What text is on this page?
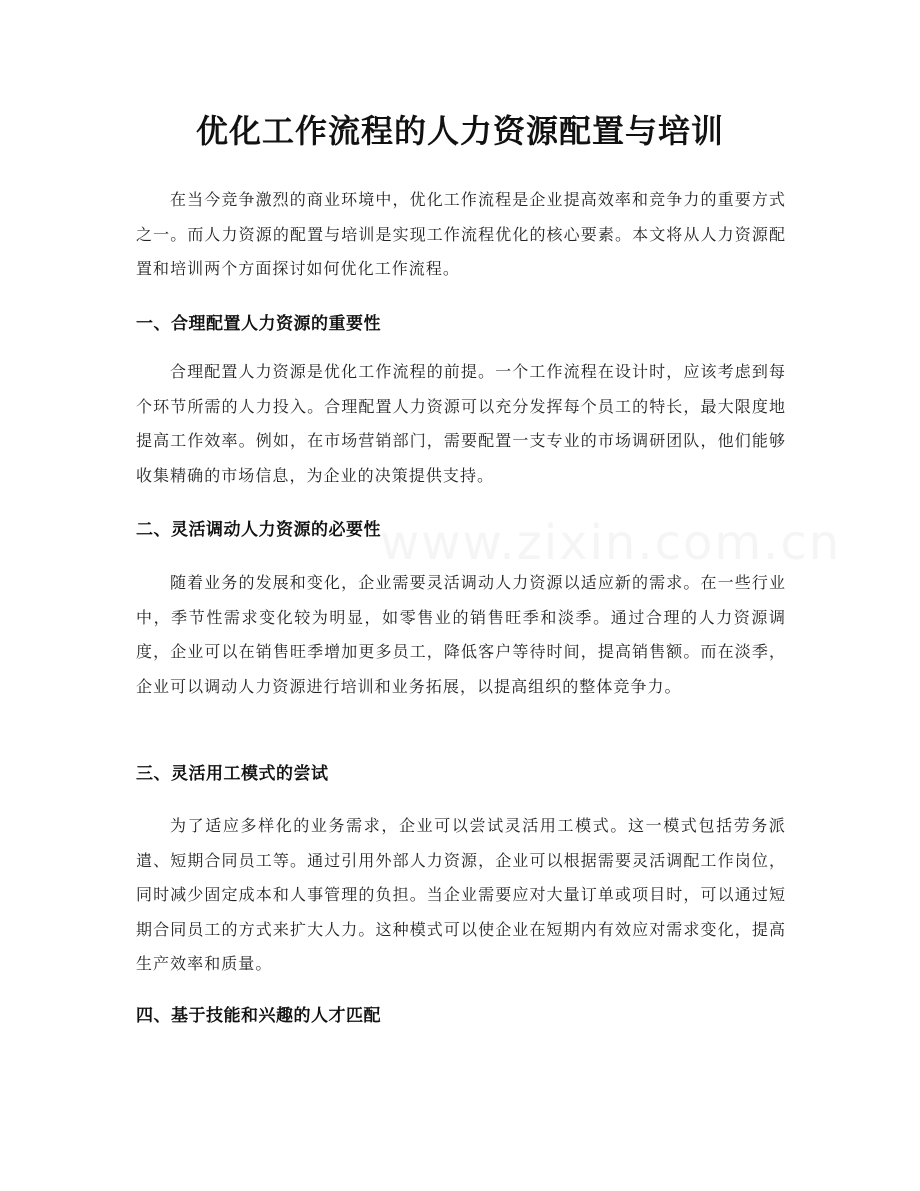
www.zixin.com.cn
优化工作流程的人力资源配置与培训

在当今竞争激烈的商业环境中，优化工作流程是企业提高效率和竞争力的重要方式之一。而人力资源的配置与培训是实现工作流程优化的核心要素。本文将从人力资源配置和培训两个方面探讨如何优化工作流程。

一、合理配置人力资源的重要性

合理配置人力资源是优化工作流程的前提。一个工作流程在设计时，应该考虑到每个环节所需的人力投入。合理配置人力资源可以充分发挥每个员工的特长，最大限度地提高工作效率。例如，在市场营销部门，需要配置一支专业的市场调研团队，他们能够收集精确的市场信息，为企业的决策提供支持。

二、灵活调动人力资源的必要性

随着业务的发展和变化，企业需要灵活调动人力资源以适应新的需求。在一些行业中，季节性需求变化较为明显，如零售业的销售旺季和淡季。通过合理的人力资源调度，企业可以在销售旺季增加更多员工，降低客户等待时间，提高销售额。而在淡季，企业可以调动人力资源进行培训和业务拓展，以提高组织的整体竞争力。

三、灵活用工模式的尝试

为了适应多样化的业务需求，企业可以尝试灵活用工模式。这一模式包括劳务派遣、短期合同员工等。通过引用外部人力资源，企业可以根据需要灵活调配工作岗位，同时减少固定成本和人事管理的负担。当企业需要应对大量订单或项目时，可以通过短期合同员工的方式来扩大人力。这种模式可以使企业在短期内有效应对需求变化，提高生产效率和质量。

四、基于技能和兴趣的人才匹配
